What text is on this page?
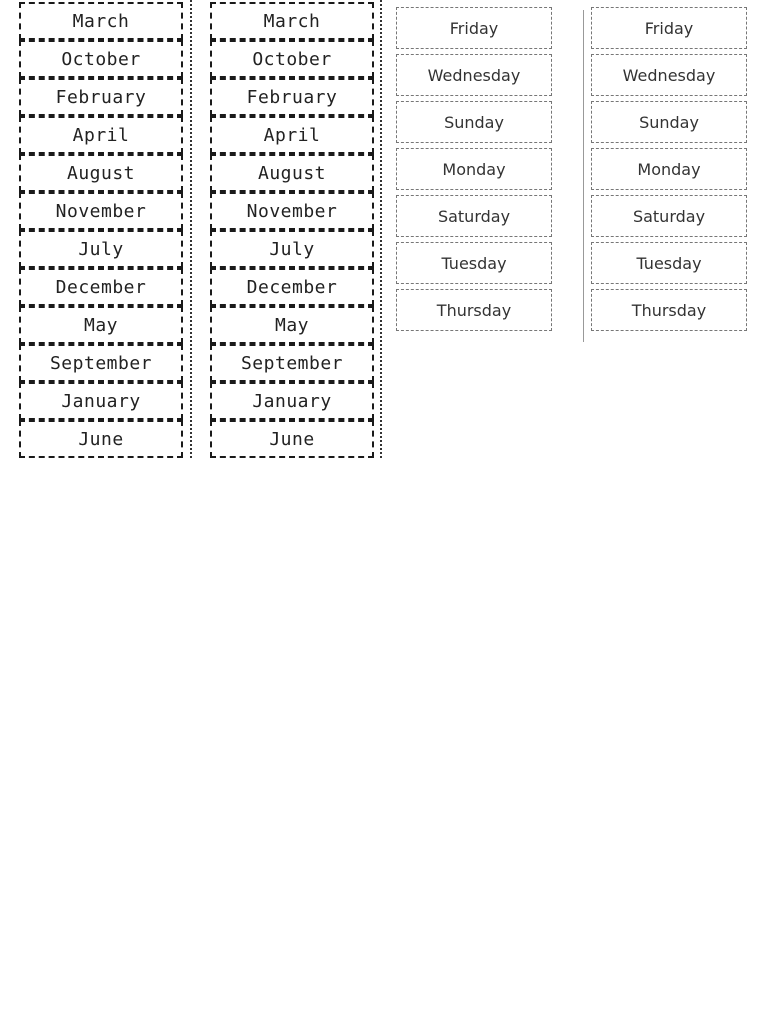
March
October
February
April
August
November
July
December
May
September
January
June
March
October
February
April
August
November
July
December
May
September
January
June
Friday
Wednesday
Sunday
Monday
Saturday
Tuesday
Thursday
Friday
Wednesday
Sunday
Monday
Saturday
Tuesday
Thursday
